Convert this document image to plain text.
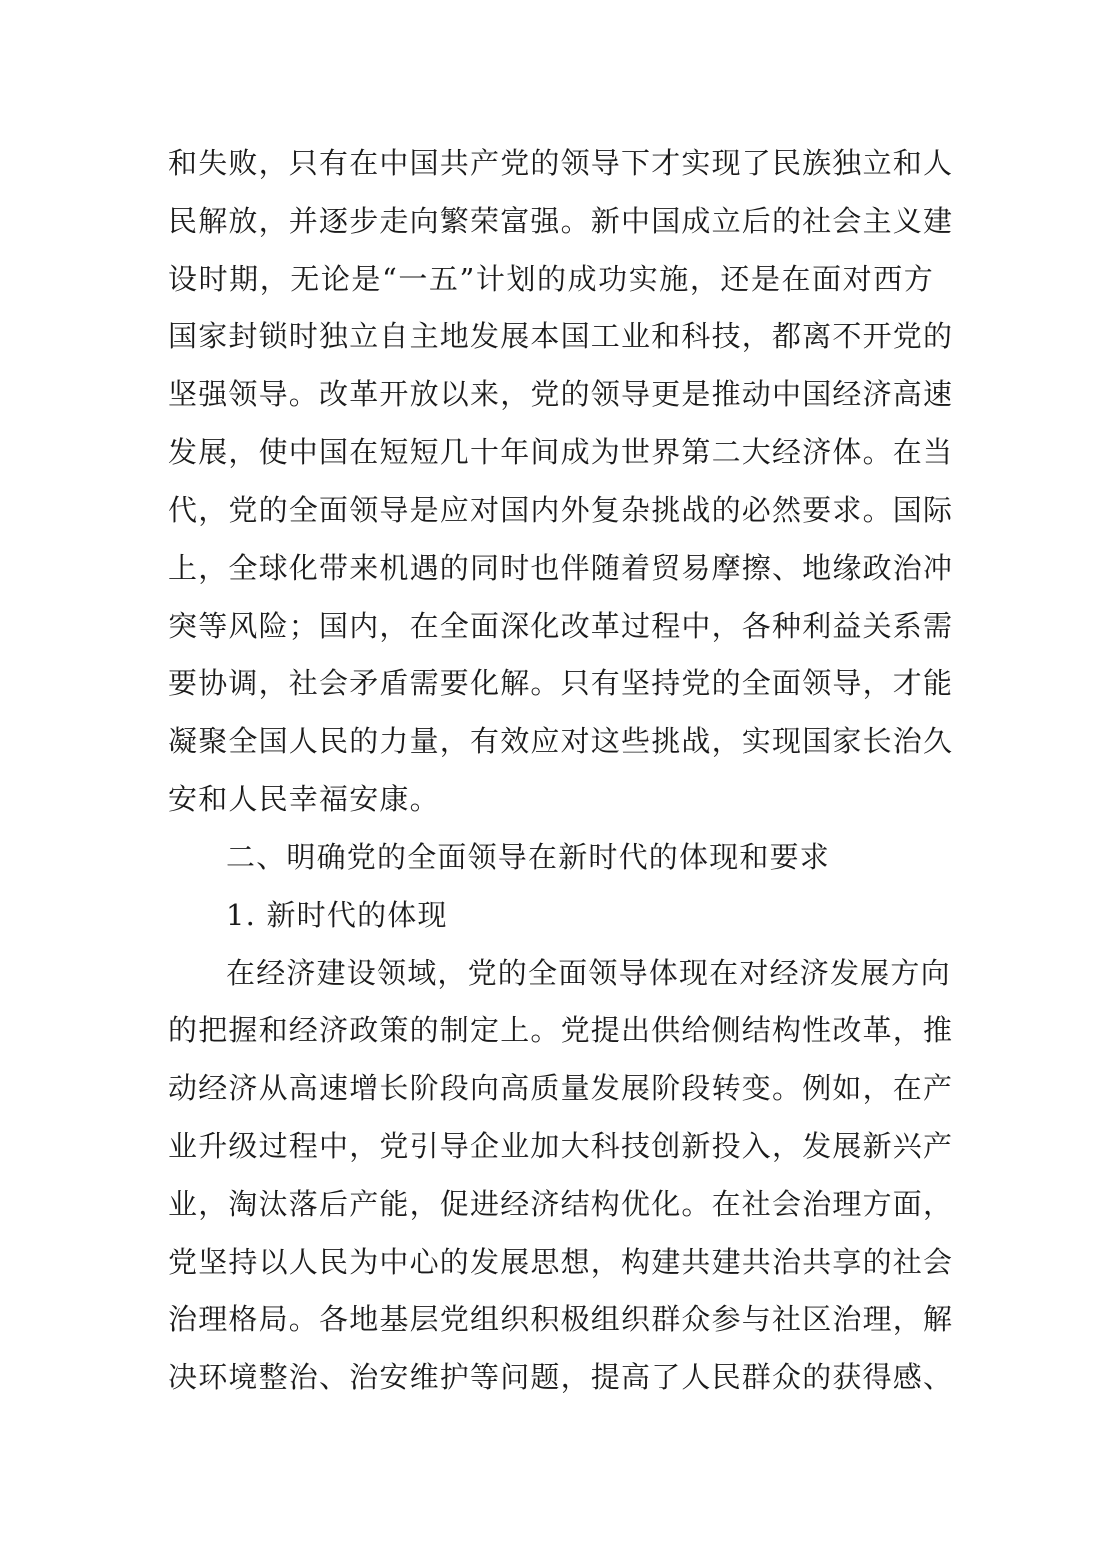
和失败，只有在中国共产党的领导下才实现了民族独立和人
民解放，并逐步走向繁荣富强。新中国成立后的社会主义建
设时期，无论是“一五”计划的成功实施，还是在面对西方
国家封锁时独立自主地发展本国工业和科技，都离不开党的
坚强领导。改革开放以来，党的领导更是推动中国经济高速
发展，使中国在短短几十年间成为世界第二大经济体。在当
代，党的全面领导是应对国内外复杂挑战的必然要求。国际
上，全球化带来机遇的同时也伴随着贸易摩擦、地缘政治冲
突等风险；国内，在全面深化改革过程中，各种利益关系需
要协调，社会矛盾需要化解。只有坚持党的全面领导，才能
凝聚全国人民的力量，有效应对这些挑战，实现国家长治久
安和人民幸福安康。
二、明确党的全面领导在新时代的体现和要求
1. 新时代的体现
在经济建设领域，党的全面领导体现在对经济发展方向
的把握和经济政策的制定上。党提出供给侧结构性改革，推
动经济从高速增长阶段向高质量发展阶段转变。例如，在产
业升级过程中，党引导企业加大科技创新投入，发展新兴产
业，淘汰落后产能，促进经济结构优化。在社会治理方面，
党坚持以人民为中心的发展思想，构建共建共治共享的社会
治理格局。各地基层党组织积极组织群众参与社区治理，解
决环境整治、治安维护等问题，提高了人民群众的获得感、
